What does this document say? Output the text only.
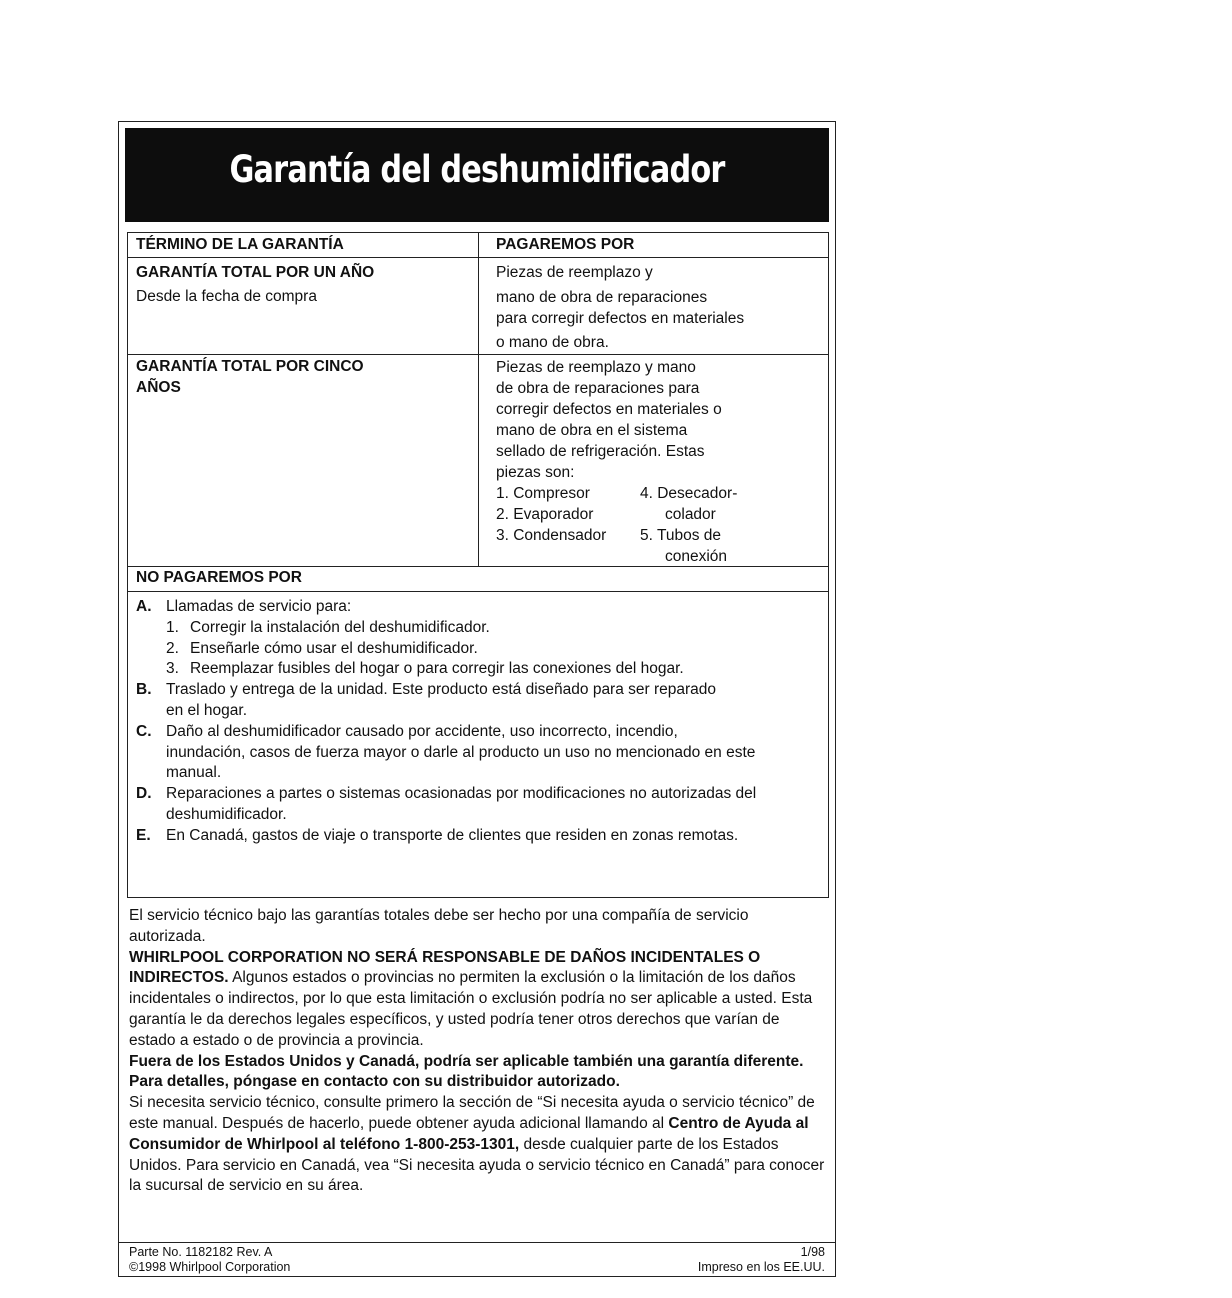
Garantía del deshumidificador
TÉRMINO DE LA GARANTÍA	PAGAREMOS POR
GARANTÍA TOTAL POR UN AÑO
Desde la fecha de compra
Piezas de reemplazo y
mano de obra de reparaciones
para corregir defectos en materiales
o mano de obra.
GARANTÍA TOTAL POR CINCO
AÑOS
Piezas de reemplazo y mano
de obra de reparaciones para
corregir defectos en materiales o
mano de obra en el sistema
sellado de refrigeración. Estas
piezas son:
1. Compresor
2. Evaporador
3. Condensador
4. Desecador-
colador
5. Tubos de
conexión
NO PAGAREMOS POR
A. Llamadas de servicio para:
1. Corregir la instalación del deshumidificador.
2. Enseñarle cómo usar el deshumidificador.
3. Reemplazar fusibles del hogar o para corregir las conexiones del hogar.
B. Traslado y entrega de la unidad. Este producto está diseñado para ser reparado en el hogar.
C. Daño al deshumidificador causado por accidente, uso incorrecto, incendio, inundación, casos de fuerza mayor o darle al producto un uso no mencionado en este manual.
D. Reparaciones a partes o sistemas ocasionadas por modificaciones no autorizadas del deshumidificador.
E. En Canadá, gastos de viaje o transporte de clientes que residen en zonas remotas.

El servicio técnico bajo las garantías totales debe ser hecho por una compañía de servicio autorizada.

WHIRLPOOL CORPORATION NO SERÁ RESPONSABLE DE DAÑOS INCIDENTALES O INDIRECTOS. Algunos estados o provincias no permiten la exclusión o la limitación de los daños incidentales o indirectos, por lo que esta limitación o exclusión podría no ser aplicable a usted. Esta garantía le da derechos legales específicos, y usted podría tener otros derechos que varían de estado a estado o de provincia a provincia.

Fuera de los Estados Unidos y Canadá, podría ser aplicable también una garantía diferente. Para detalles, póngase en contacto con su distribuidor autorizado.

Si necesita servicio técnico, consulte primero la sección de “Si necesita ayuda o servicio técnico” de este manual. Después de hacerlo, puede obtener ayuda adicional llamando al Centro de Ayuda al Consumidor de Whirlpool al teléfono 1-800-253-1301, desde cualquier parte de los Estados Unidos. Para servicio en Canadá, vea “Si necesita ayuda o servicio técnico en Canadá” para conocer la sucursal de servicio en su área.

Parte No. 1182182 Rev. A
©1998 Whirlpool Corporation
1/98
Impreso en los EE.UU.
